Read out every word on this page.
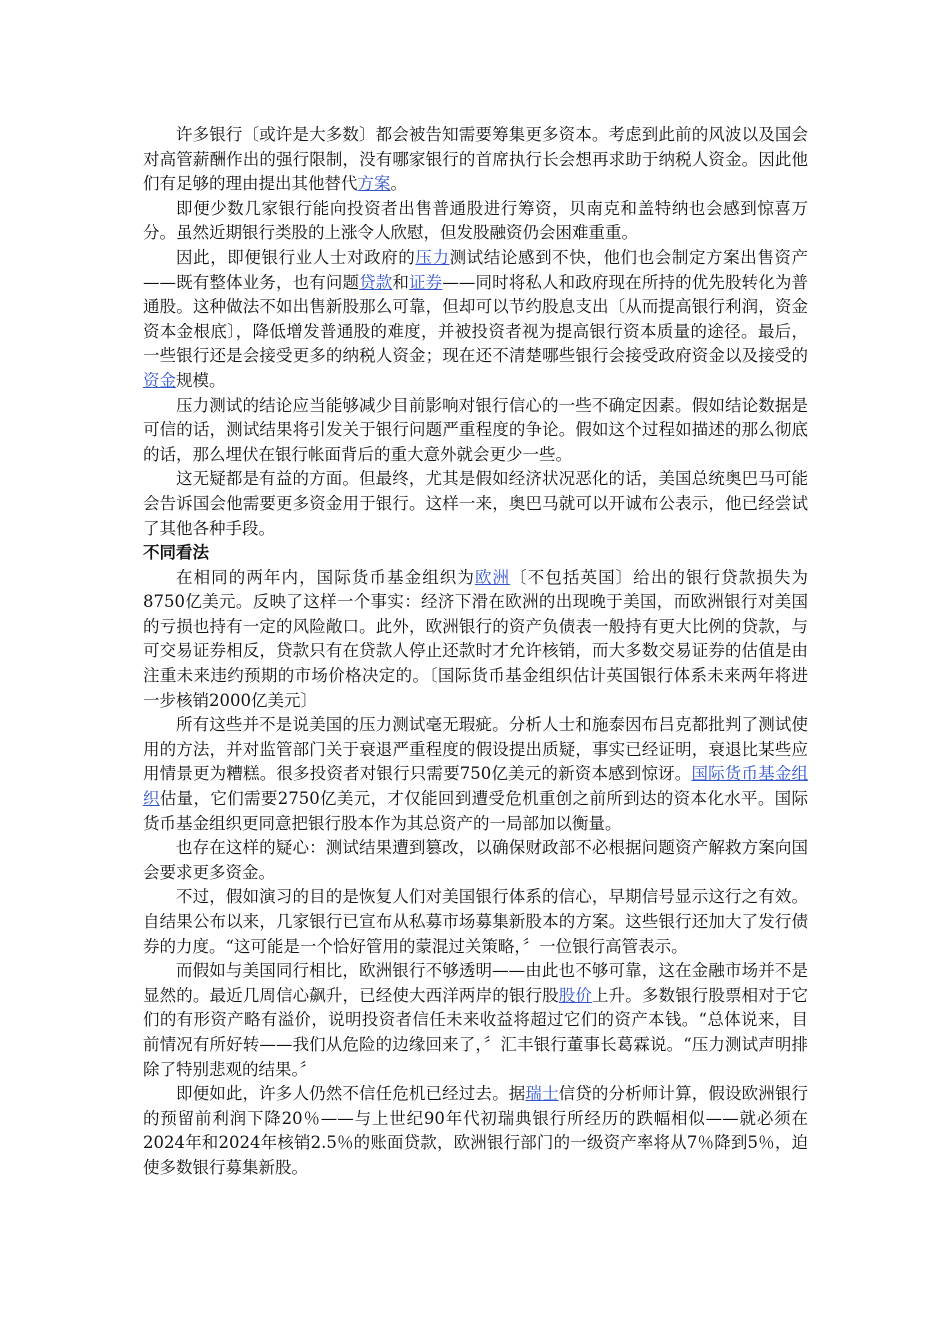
许多银行〔或许是大多数〕都会被告知需要筹集更多资本。考虑到此前的风波以及国会对高管薪酬作出的强行限制，没有哪家银行的首席执行长会想再求助于纳税人资金。因此他们有足够的理由提出其他替代方案。

即便少数几家银行能向投资者出售普通股进行筹资，贝南克和盖特纳也会感到惊喜万分。虽然近期银行类股的上涨令人欣慰，但发股融资仍会困难重重。

因此，即便银行业人士对政府的压力测试结论感到不快，他们也会制定方案出售资产——既有整体业务，也有问题贷款和证券——同时将私人和政府现在所持的优先股转化为普通股。这种做法不如出售新股那么可靠，但却可以节约股息支出〔从而提高银行利润，资金资本金根底〕，降低增发普通股的难度，并被投资者视为提高银行资本质量的途径。最后，一些银行还是会接受更多的纳税人资金；现在还不清楚哪些银行会接受政府资金以及接受的资金规模。

压力测试的结论应当能够减少目前影响对银行信心的一些不确定因素。假如结论数据是可信的话，测试结果将引发关于银行问题严重程度的争论。假如这个过程如描述的那么彻底的话，那么埋伏在银行帐面背后的重大意外就会更少一些。

这无疑都是有益的方面。但最终，尤其是假如经济状况恶化的话，美国总统奥巴马可能会告诉国会他需要更多资金用于银行。这样一来，奥巴马就可以开诚布公表示，他已经尝试了其他各种手段。

不同看法

在相同的两年内，国际货币基金组织为欧洲〔不包括英国〕给出的银行贷款损失为8750亿美元。反映了这样一个事实：经济下滑在欧洲的出现晚于美国，而欧洲银行对美国的亏损也持有一定的风险敞口。此外，欧洲银行的资产负债表一般持有更大比例的贷款，与可交易证券相反，贷款只有在贷款人停止还款时才允许核销，而大多数交易证券的估值是由注重未来违约预期的市场价格决定的。〔国际货币基金组织估计英国银行体系未来两年将进一步核销2000亿美元〕

所有这些并不是说美国的压力测试毫无瑕疵。分析人士和施泰因布吕克都批判了测试使用的方法，并对监管部门关于衰退严重程度的假设提出质疑，事实已经证明，衰退比某些应用情景更为糟糕。很多投资者对银行只需要750亿美元的新资本感到惊讶。国际货币基金组织估量，它们需要2750亿美元，才仅能回到遭受危机重创之前所到达的资本化水平。国际货币基金组织更同意把银行股本作为其总资产的一局部加以衡量。

也存在这样的疑心：测试结果遭到篡改，以确保财政部不必根据问题资产解救方案向国会要求更多资金。

不过，假如演习的目的是恢复人们对美国银行体系的信心，早期信号显示这行之有效。自结果公布以来，几家银行已宣布从私募市场募集新股本的方案。这些银行还加大了发行债券的力度。“这可能是一个恰好管用的蒙混过关策略，〞一位银行高管表示。

而假如与美国同行相比，欧洲银行不够透明——由此也不够可靠，这在金融市场并不是显然的。最近几周信心飙升，已经使大西洋两岸的银行股股价上升。多数银行股票相对于它们的有形资产略有溢价，说明投资者信任未来收益将超过它们的资产本钱。“总体说来，目前情况有所好转——我们从危险的边缘回来了，〞汇丰银行董事长葛霖说。“压力测试声明排除了特别悲观的结果。〞

即便如此，许多人仍然不信任危机已经过去。据瑞士信贷的分析师计算，假设欧洲银行的预留前利润下降20％——与上世纪90年代初瑞典银行所经历的跌幅相似——就必须在2024年和2024年核销2.5％的账面贷款，欧洲银行部门的一级资产率将从7％降到5％，迫使多数银行募集新股。
